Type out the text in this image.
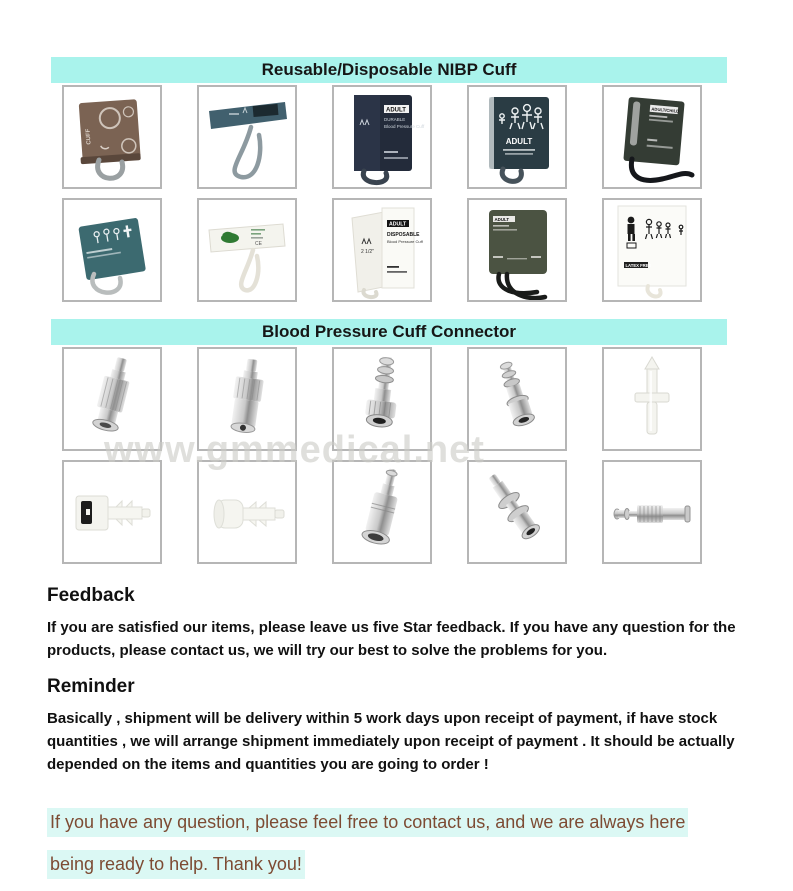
Reusable/Disposable NIBP Cuff
CUFF
ADULT
DURABLE
Blood Pressure Cuff
ADULT
ADULT/CHILD
CE
2 1/2"
ADULT
DISPOSABLE
Blood Pressure Cuff
ADULT
LATEX FREE
Blood Pressure Cuff Connector
www.gmmedical.net
Feedback

If you are satisfied our items, please leave us five Star feedback. If you have any question for the products, please contact us, we will try our best to solve the problems for you.

Reminder

Basically , shipment will be delivery within 5 work days upon receipt of payment, if have stock quantities , we will arrange shipment immediately upon receipt of payment . It should be actually depended on the items and quantities you are going to order !

If you have any question, please feel free to contact us, and we are always here
being ready to help. Thank you!
